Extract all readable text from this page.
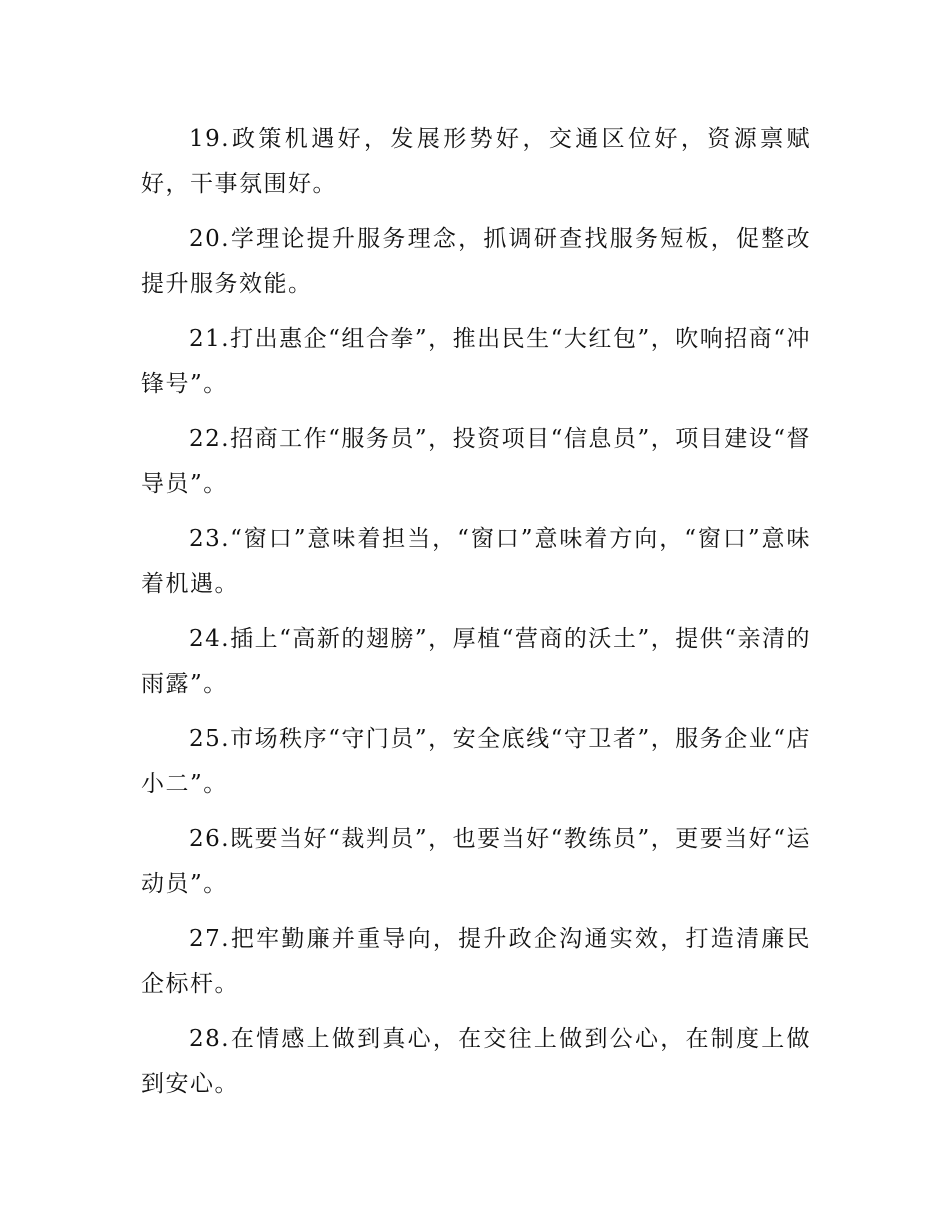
19.政策机遇好，发展形势好，交通区位好，资源禀赋好，干事氛围好。

20.学理论提升服务理念，抓调研查找服务短板，促整改提升服务效能。

21.打出惠企“组合拳”，推出民生“大红包”，吹响招商“冲锋号”。

22.招商工作“服务员”，投资项目“信息员”，项目建设“督导员”。

23.“窗口”意味着担当，“窗口”意味着方向，“窗口”意味着机遇。

24.插上“高新的翅膀”，厚植“营商的沃土”，提供“亲清的雨露”。

25.市场秩序“守门员”，安全底线“守卫者”，服务企业“店小二”。

26.既要当好“裁判员”，也要当好“教练员”，更要当好“运动员”。

27.把牢勤廉并重导向，提升政企沟通实效，打造清廉民企标杆。

28.在情感上做到真心，在交往上做到公心，在制度上做到安心。
